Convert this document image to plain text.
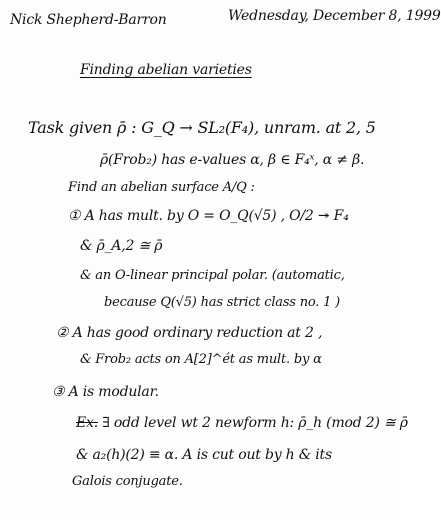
Nick Shepherd-Barron	Wednesday, December 8, 1999
Finding abelian varieties
Task given ρ̄ : G_Q → SL₂(F₄), unram. at 2, 5
ρ̄(Frob₂) has e-values α, β ∈ F₄ˣ, α ≠ β.
Find an abelian surface A/Q :
① A has mult. by O = O_Q(√5) , O/2 ↠ F₄
& ρ̄_A,2 ≅ ρ̄
& an O-linear principal polar. (automatic,
because Q(√5) has strict class no. 1 )
② A has good ordinary reduction at 2 ,
& Frob₂ acts on A[2]^ét as mult. by α
③ A is modular.
Ex. ∃ odd level wt 2 newform h: ρ̄_h (mod 2) ≅ ρ̄
& a₂(h)(2) ≡ α. A is cut out by h & its
Galois conjugate.
